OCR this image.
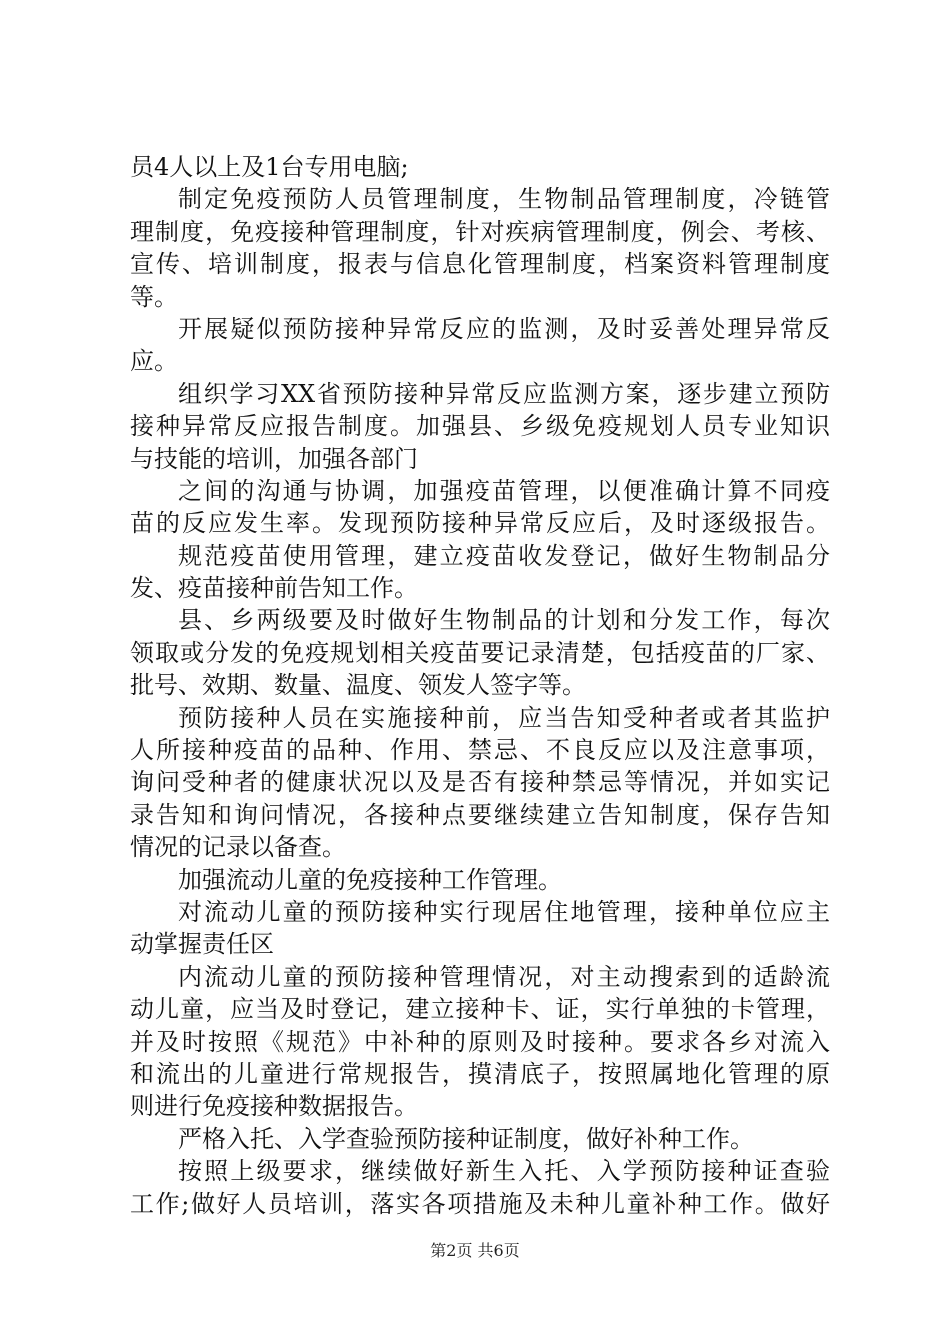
员4人以上及1台专用电脑;
制定免疫预防人员管理制度，生物制品管理制度，冷链管
理制度，免疫接种管理制度，针对疾病管理制度，例会、考核、
宣传、培训制度，报表与信息化管理制度，档案资料管理制度
等。
开展疑似预防接种异常反应的监测，及时妥善处理异常反
应。
组织学习XX省预防接种异常反应监测方案，逐步建立预防
接种异常反应报告制度。加强县、乡级免疫规划人员专业知识
与技能的培训，加强各部门
之间的沟通与协调，加强疫苗管理，以便准确计算不同疫
苗的反应发生率。发现预防接种异常反应后，及时逐级报告。
规范疫苗使用管理，建立疫苗收发登记，做好生物制品分
发、疫苗接种前告知工作。
县、乡两级要及时做好生物制品的计划和分发工作，每次
领取或分发的免疫规划相关疫苗要记录清楚，包括疫苗的厂家、
批号、效期、数量、温度、领发人签字等。
预防接种人员在实施接种前，应当告知受种者或者其监护
人所接种疫苗的品种、作用、禁忌、不良反应以及注意事项，
询问受种者的健康状况以及是否有接种禁忌等情况，并如实记
录告知和询问情况，各接种点要继续建立告知制度，保存告知
情况的记录以备查。
加强流动儿童的免疫接种工作管理。
对流动儿童的预防接种实行现居住地管理，接种单位应主
动掌握责任区
内流动儿童的预防接种管理情况，对主动搜索到的适龄流
动儿童，应当及时登记，建立接种卡、证，实行单独的卡管理，
并及时按照《规范》中补种的原则及时接种。要求各乡对流入
和流出的儿童进行常规报告，摸清底子，按照属地化管理的原
则进行免疫接种数据报告。
严格入托、入学查验预防接种证制度，做好补种工作。
按照上级要求，继续做好新生入托、入学预防接种证查验
工作;做好人员培训，落实各项措施及未种儿童补种工作。做好
第2页 共6页
